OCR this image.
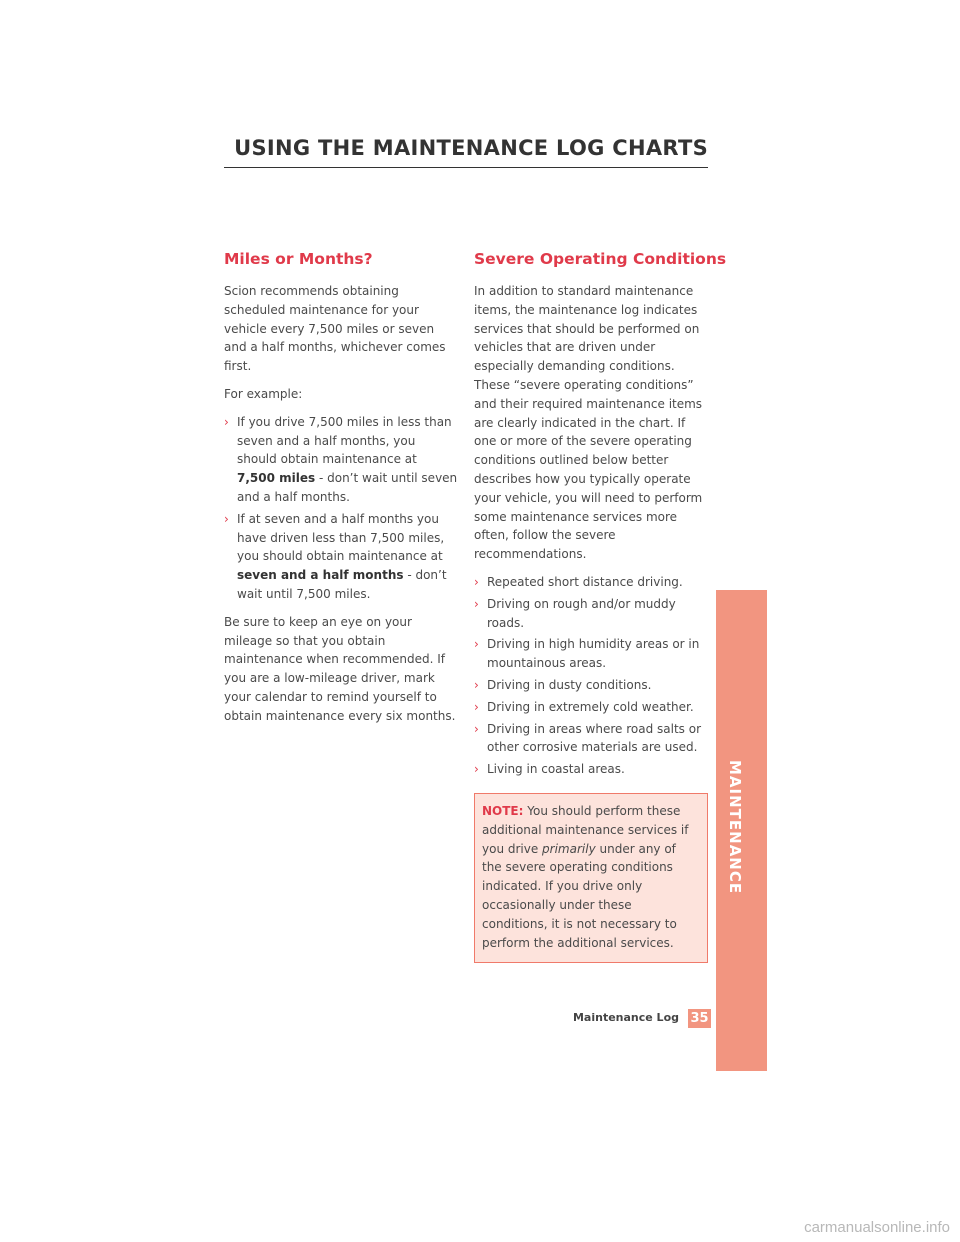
USING THE MAINTENANCE LOG CHARTS
Miles or Months?

Scion recommends obtaining scheduled maintenance for your vehicle every 7,500 miles or seven and a half months, whichever comes first.

For example:

› If you drive 7,500 miles in less than seven and a half months, you should obtain maintenance at 7,500 miles - don’t wait until seven and a half months.
› If at seven and a half months you have driven less than 7,500 miles, you should obtain maintenance at seven and a half months - don’t wait until 7,500 miles.

Be sure to keep an eye on your mileage so that you obtain maintenance when recommended. If you are a low-mileage driver, mark your calendar to remind yourself to obtain maintenance every six months.

Severe Operating Conditions

In addition to standard maintenance items, the maintenance log indicates services that should be performed on vehicles that are driven under especially demanding conditions. These “severe operating conditions” and their required maintenance items are clearly indicated in the chart. If one or more of the severe operating conditions outlined below better describes how you typically operate your vehicle, you will need to perform some maintenance services more often, follow the severe recommendations.

› Repeated short distance driving.
› Driving on rough and/or muddy roads.
› Driving in high humidity areas or in mountainous areas.
› Driving in dusty conditions.
› Driving in extremely cold weather.
› Driving in areas where road salts or other corrosive materials are used.
› Living in coastal areas.

NOTE: You should perform these additional maintenance services if you drive primarily under any of the severe operating conditions indicated. If you drive only occasionally under these conditions, it is not necessary to perform the additional services.

MAINTENANCE
Maintenance Log 35
carmanualsonline.info
